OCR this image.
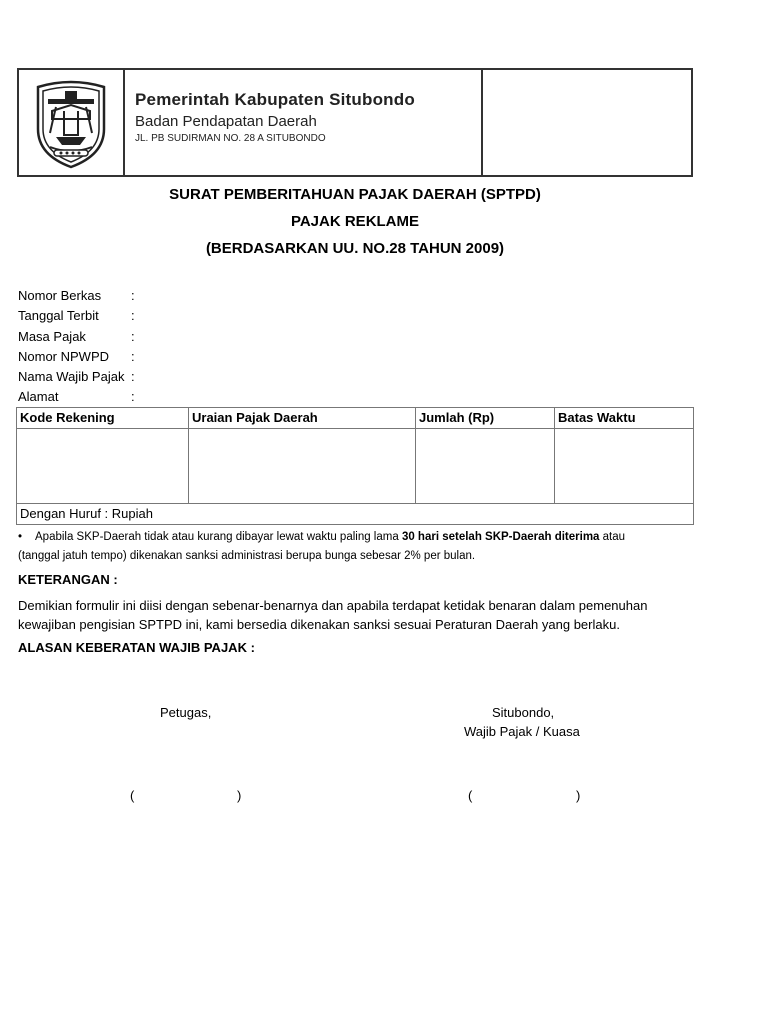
Pemerintah Kabupaten Situbondo
Badan Pendapatan Daerah
JL. PB SUDIRMAN NO. 28 A SITUBONDO
SURAT PEMBERITAHUAN PAJAK DAERAH (SPTPD)
PAJAK REKLAME
(BERDASARKAN UU. NO.28 TAHUN 2009)
Nomor Berkas :
Tanggal Terbit :
Masa Pajak	:
Nomor NPWPD :
Nama Wajib Pajak :
Alamat	:
Kode Rekening	Uraian Pajak Daerah	Jumlah (Rp)	Batas Waktu

Dengan Huruf : Rupiah			
• Apabila SKP-Daerah tidak atau kurang dibayar lewat waktu paling lama 30 hari setelah SKP-Daerah diterima atau
(tanggal jatuh tempo) dikenakan sanksi administrasi berupa bunga sebesar 2% per bulan.
KETERANGAN :
Demikian formulir ini diisi dengan sebenar-benarnya dan apabila terdapat ketidak benaran dalam pemenuhan
kewajiban pengisian SPTPD ini, kami bersedia dikenakan sanksi sesuai Peraturan Daerah yang berlaku.
ALASAN KEBERATAN WAJIB PAJAK :
Petugas,	Situbondo,
Wajib Pajak / Kuasa
(	)	(	)
